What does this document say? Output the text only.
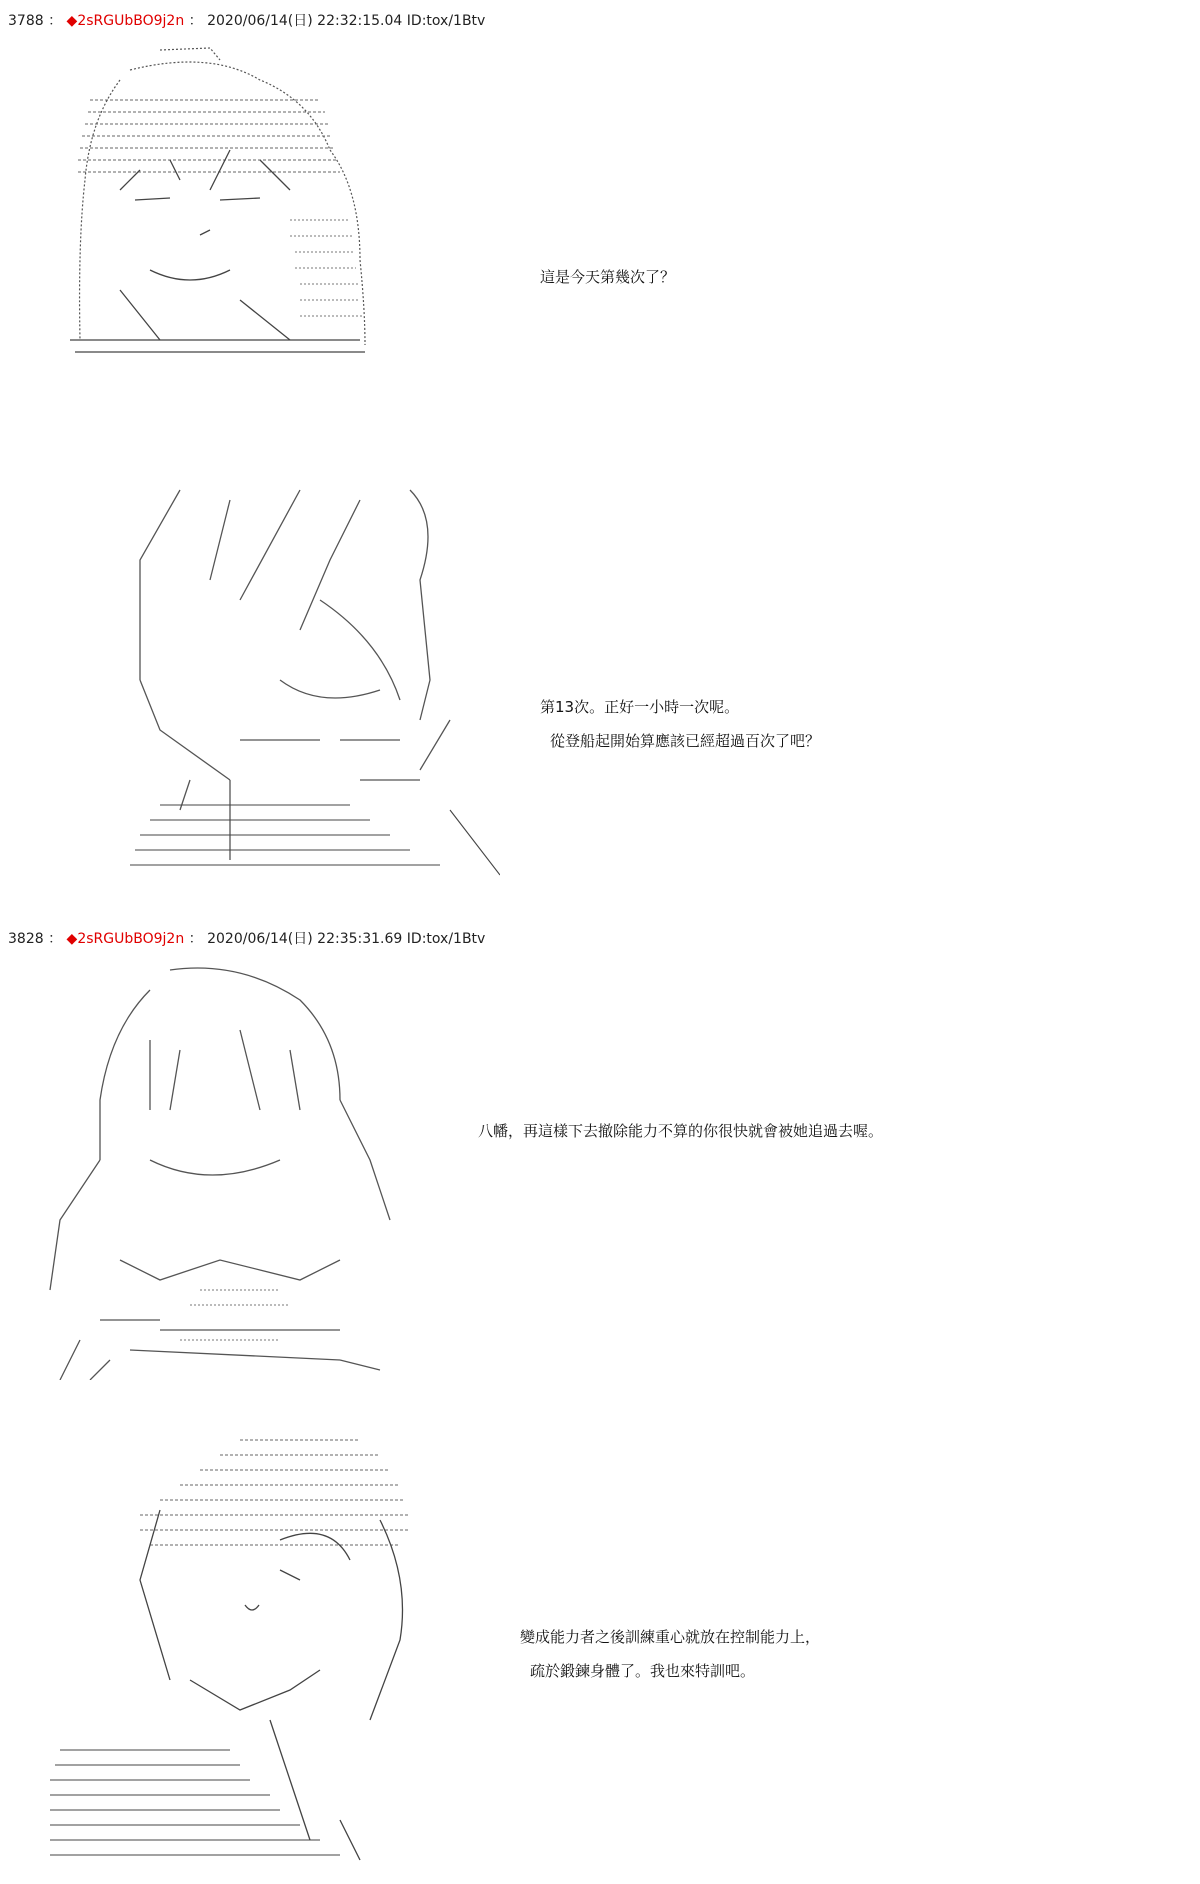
3788 ： ◆2sRGUbBO9j2n ： 2020/06/14(日) 22:32:15.04 ID:tox/1Btv
這是今天第幾次了？
第13次。正好一小時一次呢。
從登船起開始算應該已經超過百次了吧？
3828 ： ◆2sRGUbBO9j2n ： 2020/06/14(日) 22:35:31.69 ID:tox/1Btv
八幡，再這樣下去撤除能力不算的你很快就會被她追過去喔。
變成能力者之後訓練重心就放在控制能力上，
疏於鍛鍊身體了。我也來特訓吧。
